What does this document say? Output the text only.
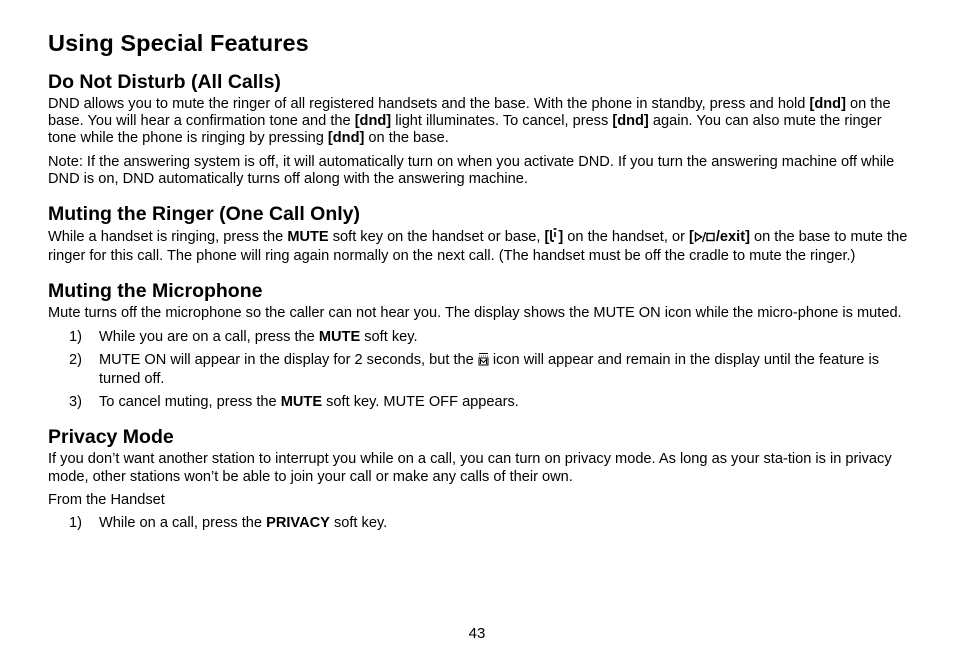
Using Special Features
Do Not Disturb (All Calls)

DND allows you to mute the ringer of all registered handsets and the base. With the phone in standby, press and hold [dnd] on the base. You will hear a confirmation tone and the [dnd] light illuminates. To cancel, press [dnd] again. You can also mute the ringer tone while the phone is ringing by pressing [dnd] on the base.

Note: If the answering system is off, it will automatically turn on when you activate DND. If you turn the answering machine off while DND is on, DND automatically turns off along with the answering machine.

Muting the Ringer (One Call Only)

While a handset is ringing, press the MUTE soft key on the handset or base, [ ] on the handset, or [ /exit] on the base to mute the ringer for this call. The phone will ring again normally on the next call. (The handset must be off the cradle to mute the ringer.)

Muting the Microphone

Mute turns off the microphone so the caller can not hear you. The display shows the MUTE ON icon while the micro-phone is muted.

1) While you are on a call, press the MUTE soft key.
2) MUTE ON will appear in the display for 2 seconds, but the  icon will appear and remain in the display until the feature is turned off.
3) To cancel muting, press the MUTE soft key. MUTE OFF appears.
Privacy Mode

If you don’t want another station to interrupt you while on a call, you can turn on privacy mode. As long as your sta-tion is in privacy mode, other stations won’t be able to join your call or make any calls of their own.

From the Handset

1) While on a call, press the PRIVACY soft key.
43
